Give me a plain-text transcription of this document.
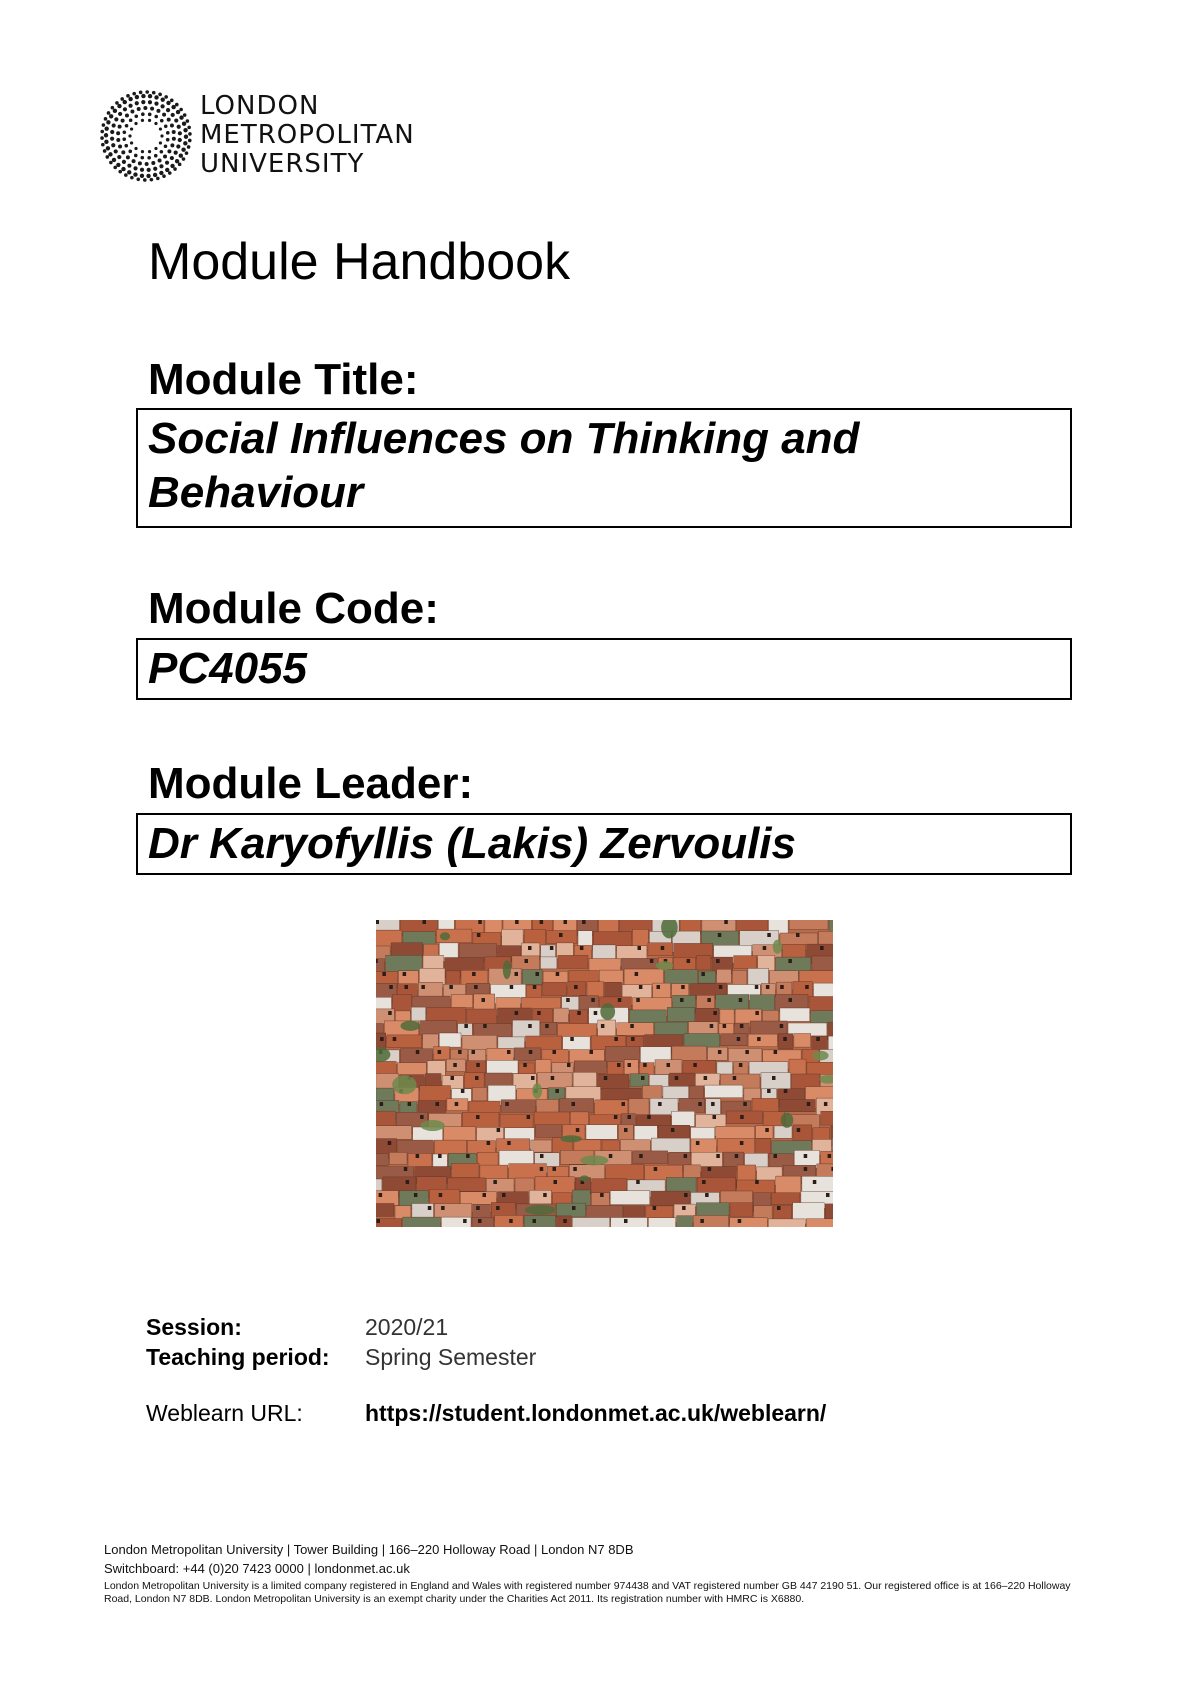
LONDON
METROPOLITAN
UNIVERSITY
Module Handbook
Module Title:
Social Influences on Thinking and
Behaviour
Module Code:
PC4055
Module Leader:
Dr Karyofyllis (Lakis) Zervoulis
Session:	2020/21
Teaching period: Spring Semester
Weblearn URL:	https://student.londonmet.ac.uk/weblearn/
London Metropolitan University | Tower Building | 166–220 Holloway Road | London N7 8DB
Switchboard: +44 (0)20 7423 0000 | londonmet.ac.uk
London Metropolitan University is a limited company registered in England and Wales with registered number 974438 and VAT registered number GB 447 2190 51. Our registered office is at 166–220 Holloway Road, London N7 8DB. London Metropolitan University is an exempt charity under the Charities Act 2011. Its registration number with HMRC is X6880.
